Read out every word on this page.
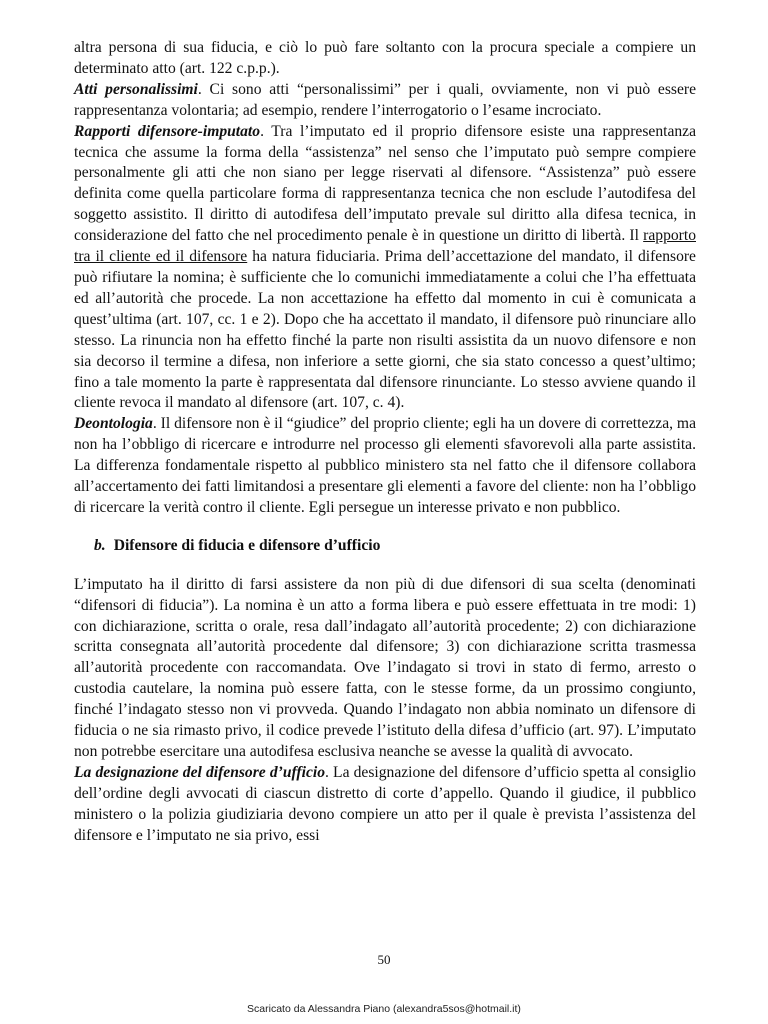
altra persona di sua fiducia, e ciò lo può fare soltanto con la procura speciale a compiere un determinato atto (art. 122 c.p.p.).

Atti personalissimi. Ci sono atti “personalissimi” per i quali, ovviamente, non vi può essere rappresentanza volontaria; ad esempio, rendere l’interrogatorio o l’esame incrociato.

Rapporti difensore-imputato. Tra l’imputato ed il proprio difensore esiste una rappresentanza tecnica che assume la forma della “assistenza” nel senso che l’imputato può sempre compiere personalmente gli atti che non siano per legge riservati al difensore. “Assistenza” può essere definita come quella particolare forma di rappresentanza tecnica che non esclude l’autodifesa del soggetto assistito. Il diritto di autodifesa dell’imputato prevale sul diritto alla difesa tecnica, in considerazione del fatto che nel procedimento penale è in questione un diritto di libertà. Il rapporto tra il cliente ed il difensore ha natura fiduciaria. Prima dell’accettazione del mandato, il difensore può rifiutare la nomina; è sufficiente che lo comunichi immediatamente a colui che l’ha effettuata ed all’autorità che procede. La non accettazione ha effetto dal momento in cui è comunicata a quest’ultima (art. 107, cc. 1 e 2). Dopo che ha accettato il mandato, il difensore può rinunciare allo stesso. La rinuncia non ha effetto finché la parte non risulti assistita da un nuovo difensore e non sia decorso il termine a difesa, non inferiore a sette giorni, che sia stato concesso a quest’ultimo; fino a tale momento la parte è rappresentata dal difensore rinunciante. Lo stesso avviene quando il cliente revoca il mandato al difensore (art. 107, c. 4).

Deontologia. Il difensore non è il “giudice” del proprio cliente; egli ha un dovere di correttezza, ma non ha l’obbligo di ricercare e introdurre nel processo gli elementi sfavorevoli alla parte assistita. La differenza fondamentale rispetto al pubblico ministero sta nel fatto che il difensore collabora all’accertamento dei fatti limitandosi a presentare gli elementi a favore del cliente: non ha l’obbligo di ricercare la verità contro il cliente. Egli persegue un interesse privato e non pubblico.

b. Difensore di fiducia e difensore d’ufficio

L’imputato ha il diritto di farsi assistere da non più di due difensori di sua scelta (denominati “difensori di fiducia”). La nomina è un atto a forma libera e può essere effettuata in tre modi: 1) con dichiarazione, scritta o orale, resa dall’indagato all’autorità procedente; 2) con dichiarazione scritta consegnata all’autorità procedente dal difensore; 3) con dichiarazione scritta trasmessa all’autorità procedente con raccomandata. Ove l’indagato si trovi in stato di fermo, arresto o custodia cautelare, la nomina può essere fatta, con le stesse forme, da un prossimo congiunto, finché l’indagato stesso non vi provveda. Quando l’indagato non abbia nominato un difensore di fiducia o ne sia rimasto privo, il codice prevede l’istituto della difesa d’ufficio (art. 97). L’imputato non potrebbe esercitare una autodifesa esclusiva neanche se avesse la qualità di avvocato.

La designazione del difensore d’ufficio. La designazione del difensore d’ufficio spetta al consiglio dell’ordine degli avvocati di ciascun distretto di corte d’appello. Quando il giudice, il pubblico ministero o la polizia giudiziaria devono compiere un atto per il quale è prevista l’assistenza del difensore e l’imputato ne sia privo, essi

50
Scaricato da Alessandra Piano (alexandra5sos@hotmail.it)
